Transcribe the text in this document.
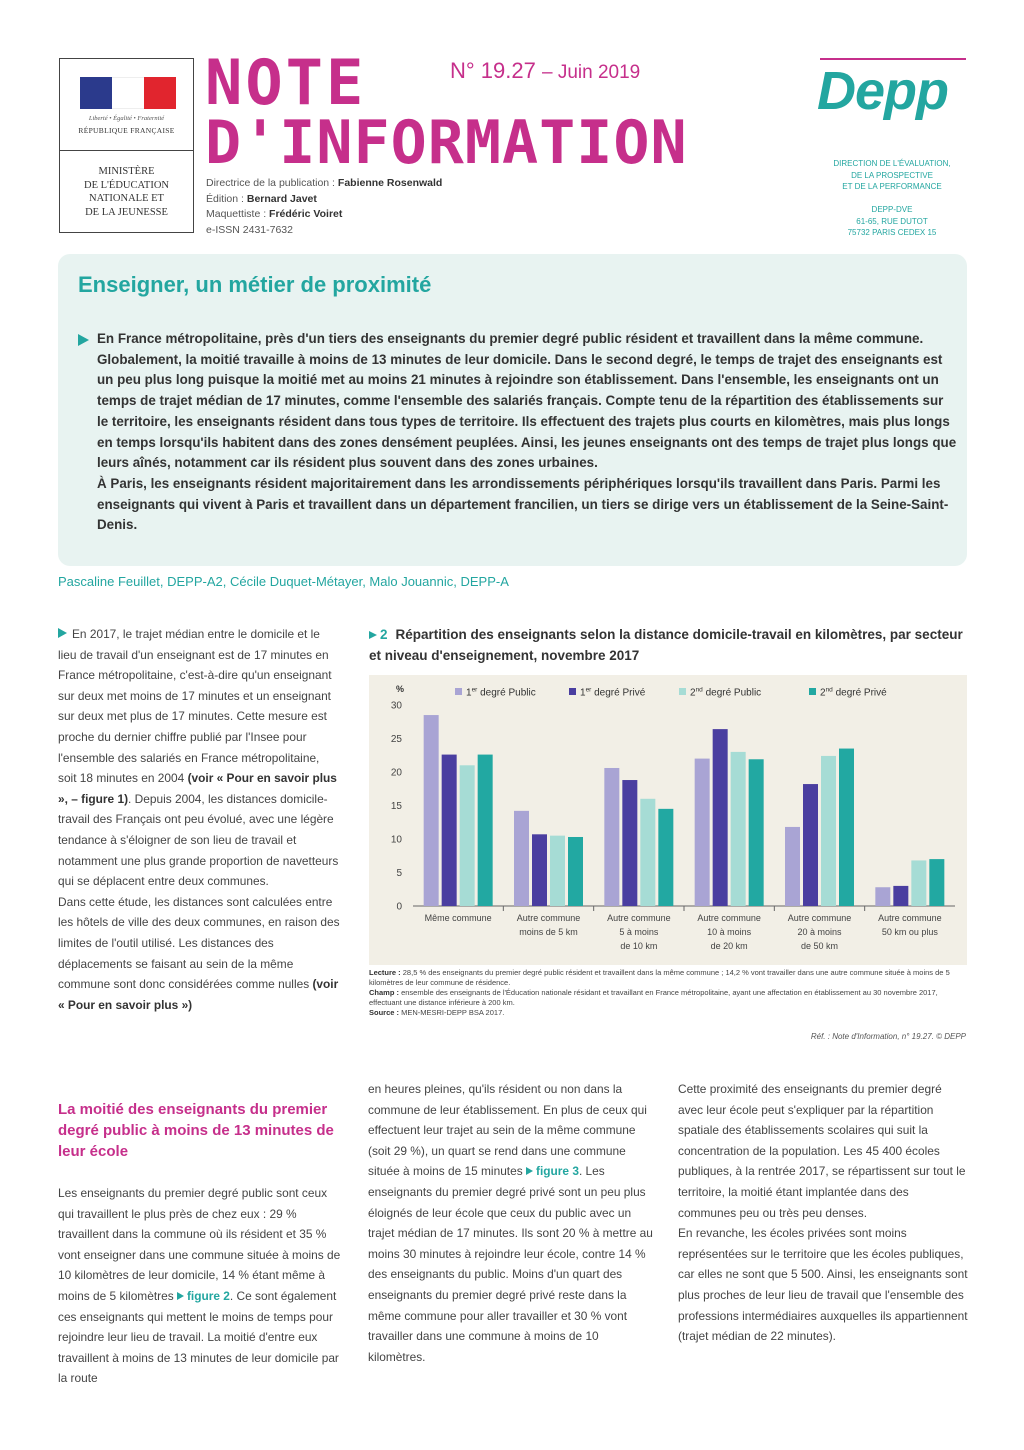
Liberté • Égalité • Fraternité
RÉPUBLIQUE FRANÇAISE
MINISTÈRE
DE L'ÉDUCATION
NATIONALE ET
DE LA JEUNESSE
NOTE
D'INFORMATION
N° 19.27 – Juin 2019
Directrice de la publication : Fabienne Rosenwald
Édition : Bernard Javet
Maquettiste : Frédéric Voiret
e-ISSN 2431-7632
Depp
DIRECTION DE L'ÉVALUATION,
DE LA PROSPECTIVE
ET DE LA PERFORMANCE
DEPP-DVE
61-65, RUE DUTOT
75732 PARIS CEDEX 15
Enseigner, un métier de proximité

En France métropolitaine, près d'un tiers des enseignants du premier degré public résident et travaillent dans la même commune. Globalement, la moitié travaille à moins de 13 minutes de leur domicile. Dans le second degré, le temps de trajet des enseignants est un peu plus long puisque la moitié met au moins 21 minutes à rejoindre son établissement. Dans l'ensemble, les enseignants ont un temps de trajet médian de 17 minutes, comme l'ensemble des salariés français. Compte tenu de la répartition des établissements sur le territoire, les enseignants résident dans tous types de territoire. Ils effectuent des trajets plus courts en kilomètres, mais plus longs en temps lorsqu'ils habitent dans des zones densément peuplées. Ainsi, les jeunes enseignants ont des temps de trajet plus longs que leurs aînés, notamment car ils résident plus souvent dans des zones urbaines.

À Paris, les enseignants résident majoritairement dans les arrondissements périphériques lorsqu'ils travaillent dans Paris. Parmi les enseignants qui vivent à Paris et travaillent dans un département francilien, un tiers se dirige vers un établissement de la Seine-Saint-Denis.

Pascaline Feuillet, DEPP-A2, Cécile Duquet-Métayer, Malo Jouannic, DEPP-A

En 2017, le trajet médian entre le domicile et le lieu de travail d'un enseignant est de 17 minutes en France métropolitaine, c'est-à-dire qu'un enseignant sur deux met moins de 17 minutes et un enseignant sur deux met plus de 17 minutes. Cette mesure est proche du dernier chiffre publié par l'Insee pour l'ensemble des salariés en France métropolitaine, soit 18 minutes en 2004 (voir « Pour en savoir plus », – figure 1). Depuis 2004, les distances domicile-travail des Français ont peu évolué, avec une légère tendance à s'éloigner de son lieu de travail et notamment une plus grande proportion de navetteurs qui se déplacent entre deux communes.

Dans cette étude, les distances sont calculées entre les hôtels de ville des deux communes, en raison des limites de l'outil utilisé. Les distances des déplacements se faisant au sein de la même commune sont donc considérées comme nulles (voir « Pour en savoir plus »)

2 Répartition des enseignants selon la distance domicile-travail en kilomètres, par secteur et niveau d'enseignement, novembre 2017
%
0
5
10
15
20
25
30
1er degré Public	1er degré Privé	2nd degré Public	2nd degré Privé
Même commune	Autre commune
moins de 5 km
Autre commune
5 à moins
de 10 km
Autre commune
10 à moins
de 20 km
Autre commune
20 à moins
de 50 km
Autre commune
50 km ou plus
Lecture : 28,5 % des enseignants du premier degré public résident et travaillent dans la même commune ; 14,2 % vont travailler dans une autre commune située à moins de 5 kilomètres de leur commune de résidence.
Champ : ensemble des enseignants de l'Éducation nationale résidant et travaillant en France métropolitaine, ayant une affectation en établissement au 30 novembre 2017, effectuant une distance inférieure à 200 km.
Source : MEN-MESRI-DEPP BSA 2017.
Réf. : Note d'Information, n° 19.27. © DEPP
La moitié des enseignants du premier degré public à moins de 13 minutes de leur école

Les enseignants du premier degré public sont ceux qui travaillent le plus près de chez eux : 29 % travaillent dans la commune où ils résident et 35 % vont enseigner dans une commune située à moins de 10 kilomètres de leur domicile, 14 % étant même à moins de 5 kilomètres figure 2. Ce sont également ces enseignants qui mettent le moins de temps pour rejoindre leur lieu de travail. La moitié d'entre eux travaillent à moins de 13 minutes de leur domicile par la route

en heures pleines, qu'ils résident ou non dans la commune de leur établissement. En plus de ceux qui effectuent leur trajet au sein de la même commune (soit 29 %), un quart se rend dans une commune située à moins de 15 minutes figure 3. Les enseignants du premier degré privé sont un peu plus éloignés de leur école que ceux du public avec un trajet médian de 17 minutes. Ils sont 20 % à mettre au moins 30 minutes à rejoindre leur école, contre 14 % des enseignants du public. Moins d'un quart des enseignants du premier degré privé reste dans la même commune pour aller travailler et 30 % vont travailler dans une commune à moins de 10 kilomètres.

Cette proximité des enseignants du premier degré avec leur école peut s'expliquer par la répartition spatiale des établissements scolaires qui suit la concentration de la population. Les 45 400 écoles publiques, à la rentrée 2017, se répartissent sur tout le territoire, la moitié étant implantée dans des communes peu ou très peu denses.

En revanche, les écoles privées sont moins représentées sur le territoire que les écoles publiques, car elles ne sont que 5 500. Ainsi, les enseignants sont plus proches de leur lieu de travail que l'ensemble des professions intermédiaires auxquelles ils appartiennent (trajet médian de 22 minutes).
